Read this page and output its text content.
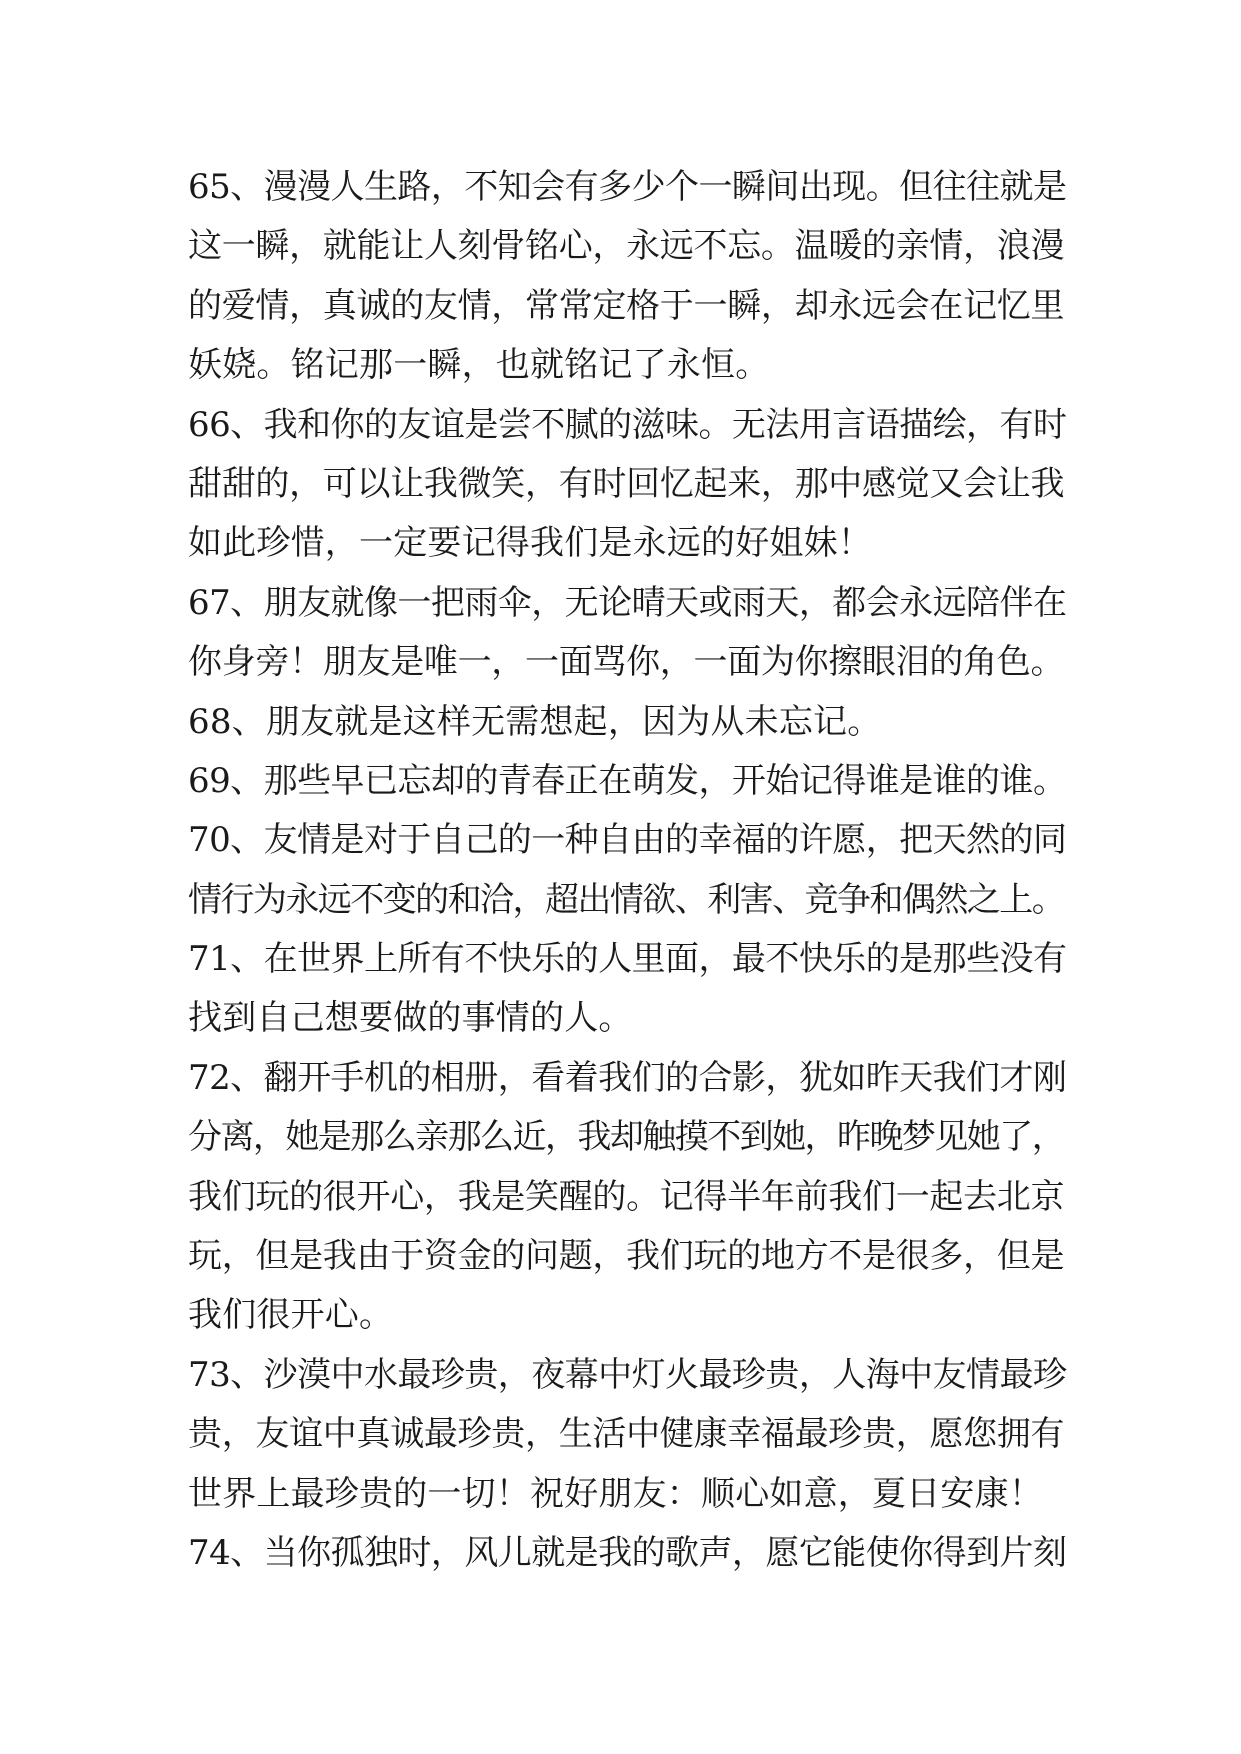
65、漫漫人生路，不知会有多少个一瞬间出现。但往往就是
这一瞬，就能让人刻骨铭心，永远不忘。温暖的亲情，浪漫
的爱情，真诚的友情，常常定格于一瞬，却永远会在记忆里
妖娆。铭记那一瞬，也就铭记了永恒。
66、我和你的友谊是尝不腻的滋味。无法用言语描绘，有时
甜甜的，可以让我微笑，有时回忆起来，那中感觉又会让我
如此珍惜，一定要记得我们是永远的好姐妹！
67、朋友就像一把雨伞，无论晴天或雨天，都会永远陪伴在
你身旁！朋友是唯一，一面骂你，一面为你擦眼泪的角色。
68、朋友就是这样无需想起，因为从未忘记。
69、那些早已忘却的青春正在萌发，开始记得谁是谁的谁。
70、友情是对于自己的一种自由的幸福的许愿，把天然的同
情行为永远不变的和洽，超出情欲、利害、竞争和偶然之上。
71、在世界上所有不快乐的人里面，最不快乐的是那些没有
找到自己想要做的事情的人。
72、翻开手机的相册，看着我们的合影，犹如昨天我们才刚
分离，她是那么亲那么近，我却触摸不到她，昨晚梦见她了，
我们玩的很开心，我是笑醒的。记得半年前我们一起去北京
玩，但是我由于资金的问题，我们玩的地方不是很多，但是
我们很开心。
73、沙漠中水最珍贵，夜幕中灯火最珍贵，人海中友情最珍
贵，友谊中真诚最珍贵，生活中健康幸福最珍贵，愿您拥有
世界上最珍贵的一切！祝好朋友：顺心如意，夏日安康！
74、当你孤独时，风儿就是我的歌声，愿它能使你得到片刻
